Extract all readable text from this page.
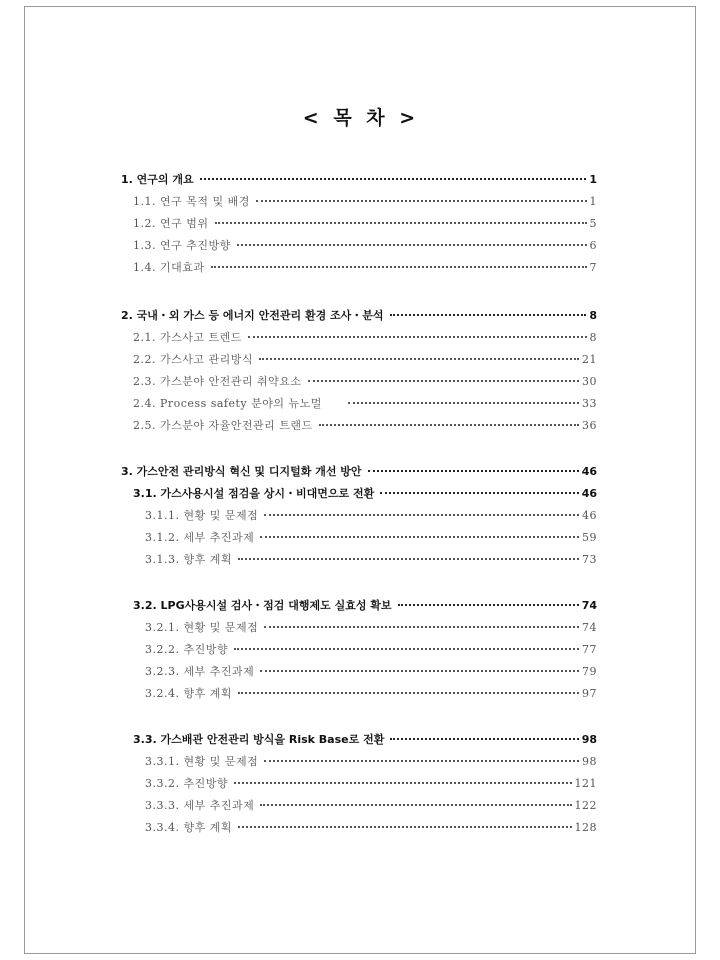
< 목 차 >
1. 연구의 개요	1
1.1. 연구 목적 및 배경	1
1.2. 연구 범위	5
1.3. 연구 추진방향	6
1.4. 기대효과	7
2. 국내・외 가스 등 에너지 안전관리 환경 조사・분석	8
2.1. 가스사고 트렌드	8
2.2. 가스사고 관리방식	21
2.3. 가스분야 안전관리 취약요소	30
2.4. Process safety 분야의 뉴노멀	33
2.5. 가스분야 자율안전관리 트랜드	36
3. 가스안전 관리방식 혁신 및 디지털화 개선 방안	46
3.1. 가스사용시설 점검을 상시・비대면으로 전환	46
3.1.1. 현황 및 문제점	46
3.1.2. 세부 추진과제	59
3.1.3. 향후 계획	73
3.2. LPG사용시설 검사・점검 대행제도 실효성 확보	74
3.2.1. 현황 및 문제점	74
3.2.2. 추진방향	77
3.2.3. 세부 추진과제	79
3.2.4. 향후 계획	97
3.3. 가스배관 안전관리 방식을 Risk Base로 전환	98
3.3.1. 현황 및 문제점	98
3.3.2. 추진방향	121
3.3.3. 세부 추진과제	122
3.3.4. 향후 계획	128
